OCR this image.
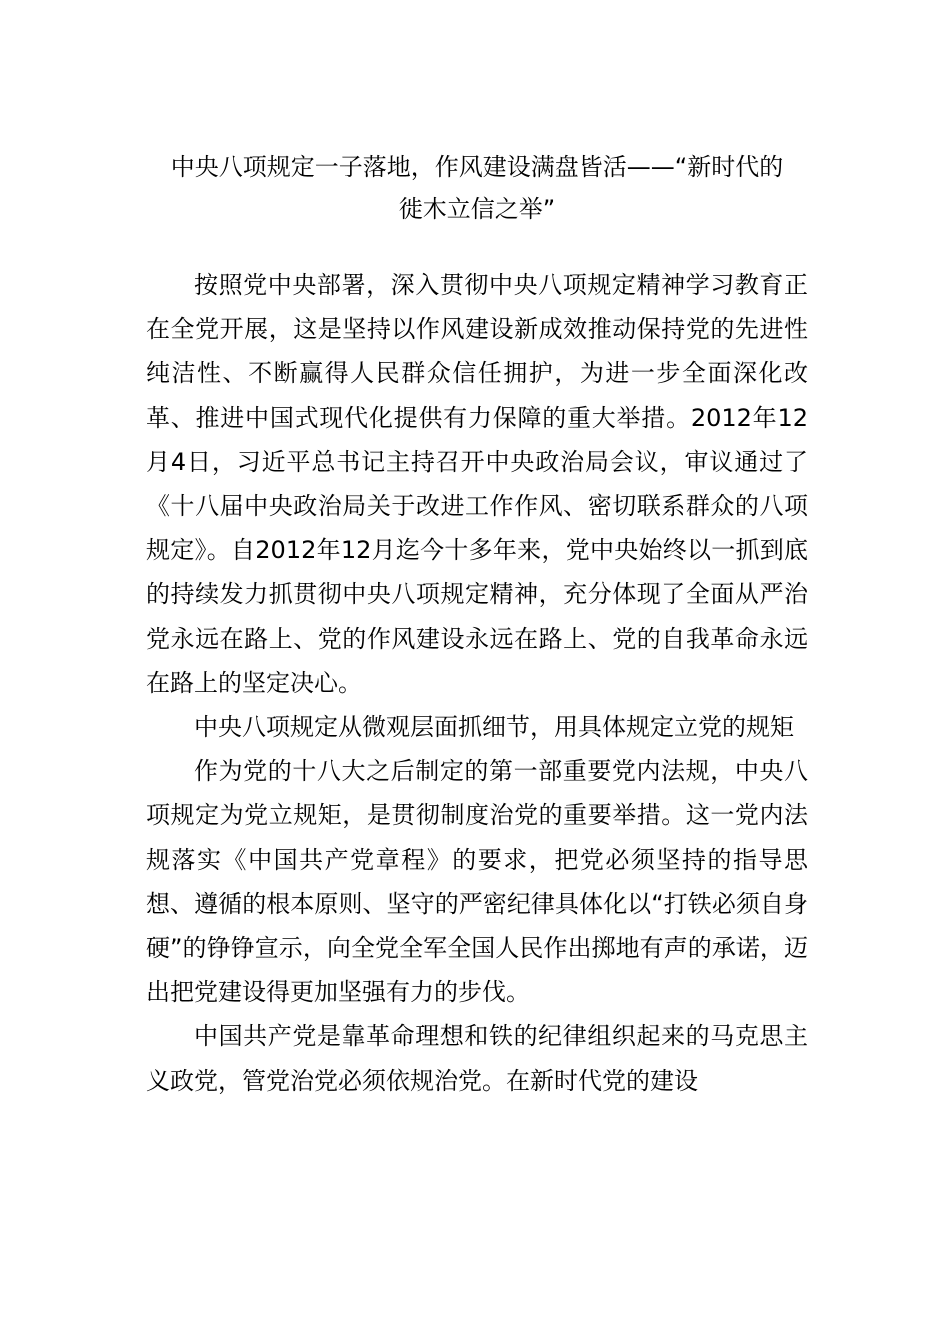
中央八项规定一子落地，作风建设满盘皆活——“新时代的
徙木立信之举”

按照党中央部署，深入贯彻中央八项规定精神学习教育正在全党开展，这是坚持以作风建设新成效推动保持党的先进性纯洁性、不断赢得人民群众信任拥护，为进一步全面深化改革、推进中国式现代化提供有力保障的重大举措。2012年12月4日，习近平总书记主持召开中央政治局会议，审议通过了《十八届中央政治局关于改进工作作风、密切联系群众的八项规定》。自2012年12月迄今十多年来，党中央始终以一抓到底的持续发力抓贯彻中央八项规定精神，充分体现了全面从严治党永远在路上、党的作风建设永远在路上、党的自我革命永远在路上的坚定决心。

中央八项规定从微观层面抓细节，用具体规定立党的规矩

作为党的十八大之后制定的第一部重要党内法规，中央八项规定为党立规矩，是贯彻制度治党的重要举措。这一党内法规落实《中国共产党章程》的要求，把党必须坚持的指导思想、遵循的根本原则、坚守的严密纪律具体化以“打铁必须自身硬”的铮铮宣示，向全党全军全国人民作出掷地有声的承诺，迈出把党建设得更加坚强有力的步伐。

中国共产党是靠革命理想和铁的纪律组织起来的马克思主义政党，管党治党必须依规治党。在新时代党的建设
